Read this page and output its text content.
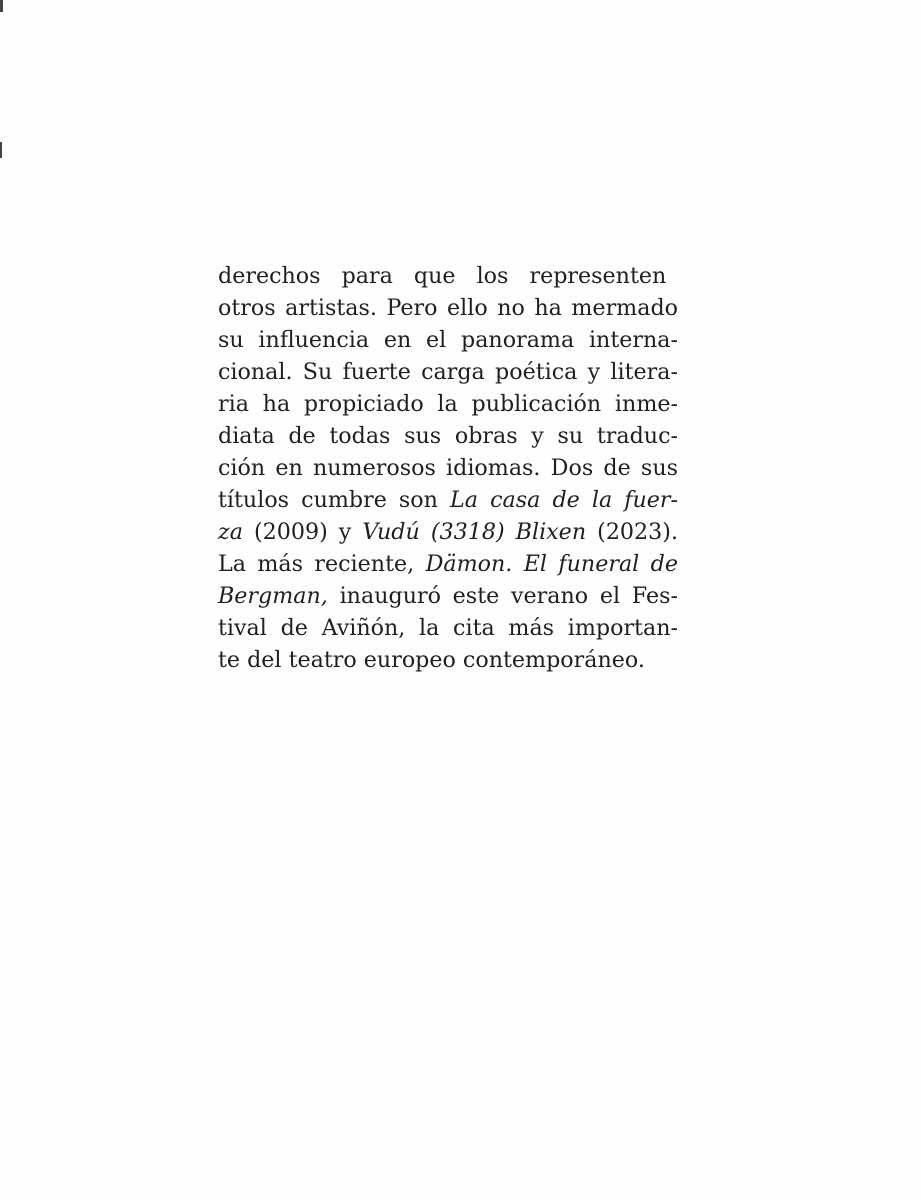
derechos para que los representen
otros artistas. Pero ello no ha mermado
su influencia en el panorama interna-
cional. Su fuerte carga poética y litera-
ria ha propiciado la publicación inme-
diata de todas sus obras y su traduc-
ción en numerosos idiomas. Dos de sus
títulos cumbre son La casa de la fuer-
za (2009) y Vudú (3318) Blixen (2023).
La más reciente, Dämon. El funeral de
Bergman, inauguró este verano el Fes-
tival de Aviñón, la cita más importan-
te del teatro europeo contemporáneo.
